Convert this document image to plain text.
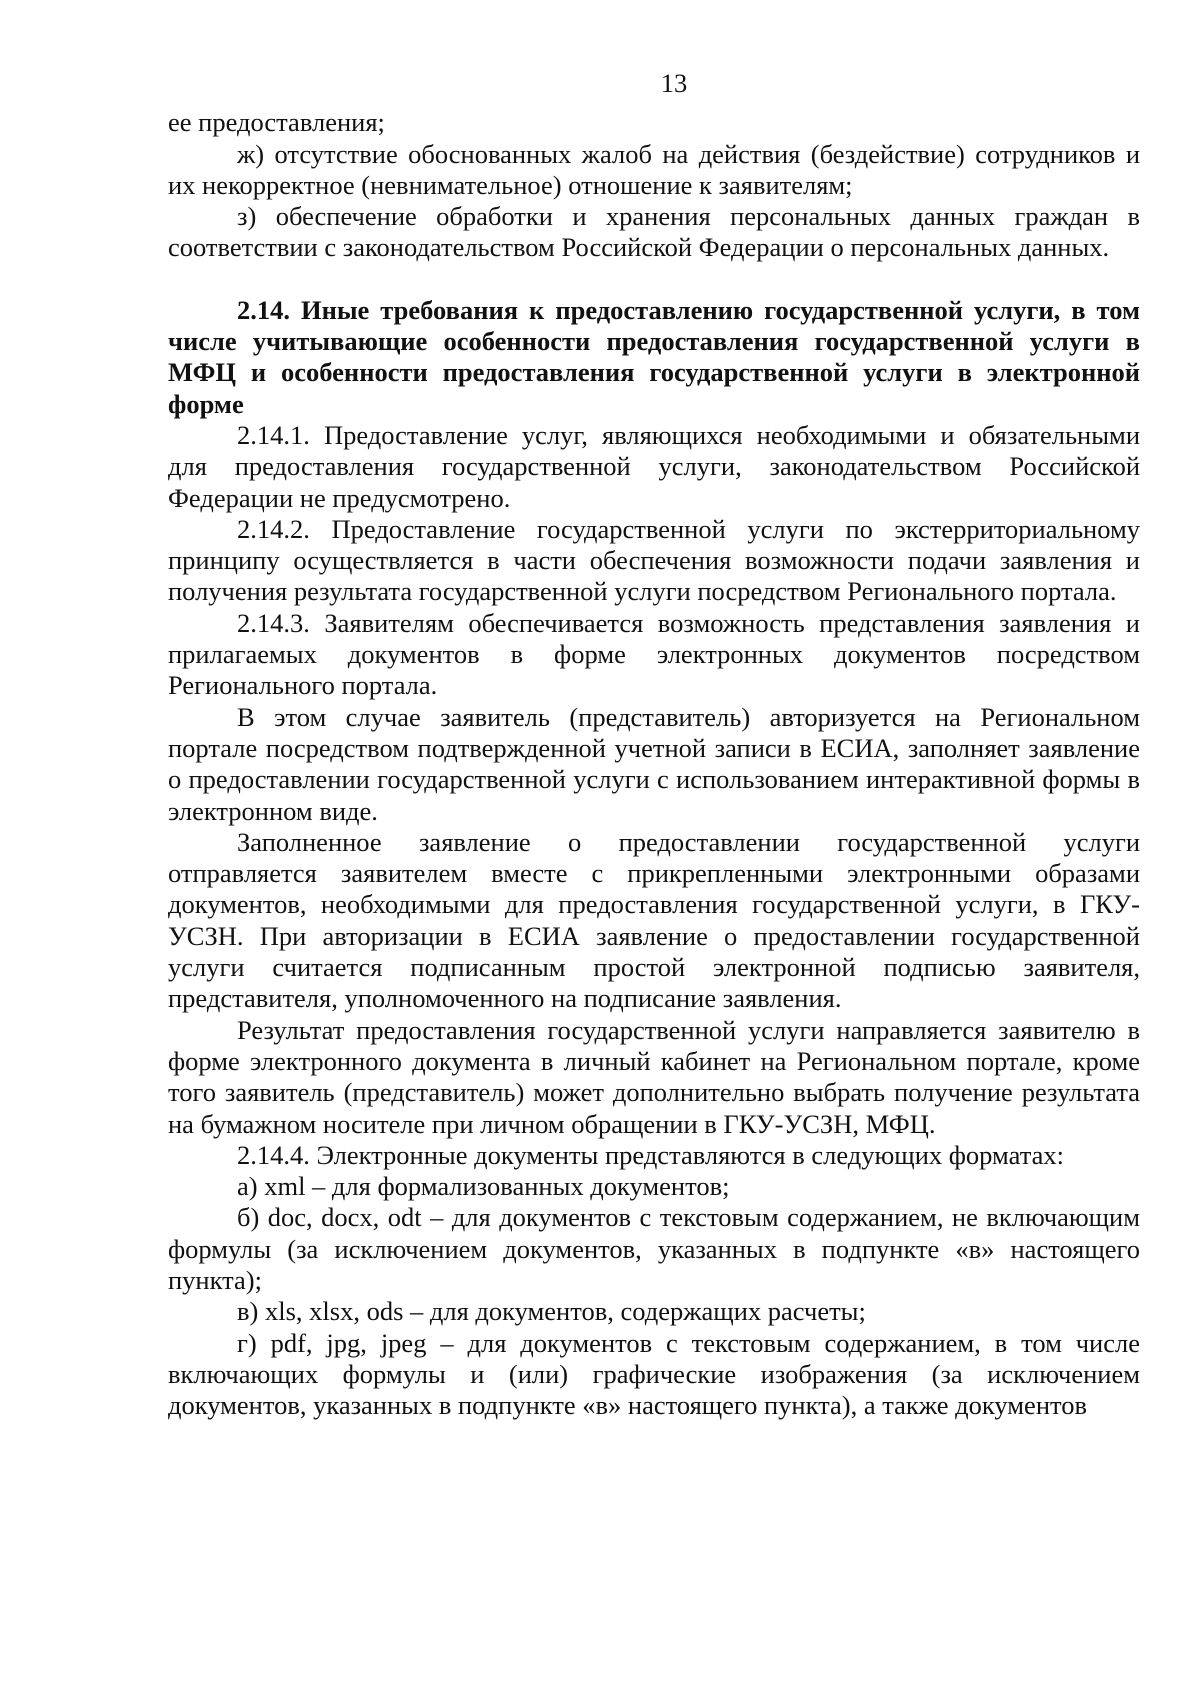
13

ее предоставления;

ж) отсутствие обоснованных жалоб на действия (бездействие) сотрудников и их некорректное (невнимательное) отношение к заявителям;

з) обеспечение обработки и хранения персональных данных граждан в соответствии с законодательством Российской Федерации о персональных данных.

2.14. Иные требования к предоставлению государственной услуги, в том числе учитывающие особенности предоставления государственной услуги в МФЦ и особенности предоставления государственной услуги в электронной форме

2.14.1. Предоставление услуг, являющихся необходимыми и обязательными для предоставления государственной услуги, законодательством Российской Федерации не предусмотрено.

2.14.2. Предоставление государственной услуги по экстерриториальному принципу осуществляется в части обеспечения возможности подачи заявления и получения результата государственной услуги посредством Регионального портала.

2.14.3. Заявителям обеспечивается возможность представления заявления и прилагаемых документов в форме электронных документов посредством Регионального портала.

В этом случае заявитель (представитель) авторизуется на Региональном портале посредством подтвержденной учетной записи в ЕСИА, заполняет заявление о предоставлении государственной услуги с использованием интерактивной формы в электронном виде.

Заполненное заявление о предоставлении государственной услуги отправляется заявителем вместе с прикрепленными электронными образами документов, необходимыми для предоставления государственной услуги, в ГКУ-УСЗН. При авторизации в ЕСИА заявление о предоставлении государственной услуги считается подписанным простой электронной подписью заявителя, представителя, уполномоченного на подписание заявления.

Результат предоставления государственной услуги направляется заявителю в форме электронного документа в личный кабинет на Региональном портале, кроме того заявитель (представитель) может дополнительно выбрать получение результата на бумажном носителе при личном обращении в ГКУ-УСЗН, МФЦ.

2.14.4. Электронные документы представляются в следующих форматах:

а) xml – для формализованных документов;

б) doc, docx, odt – для документов с текстовым содержанием, не включающим формулы (за исключением документов, указанных в подпункте «в» настоящего пункта);

в) xls, xlsx, ods – для документов, содержащих расчеты;

г) pdf, jpg, jpeg – для документов с текстовым содержанием, в том числе включающих формулы и (или) графические изображения (за исключением документов, указанных в подпункте «в» настоящего пункта), а также документов
